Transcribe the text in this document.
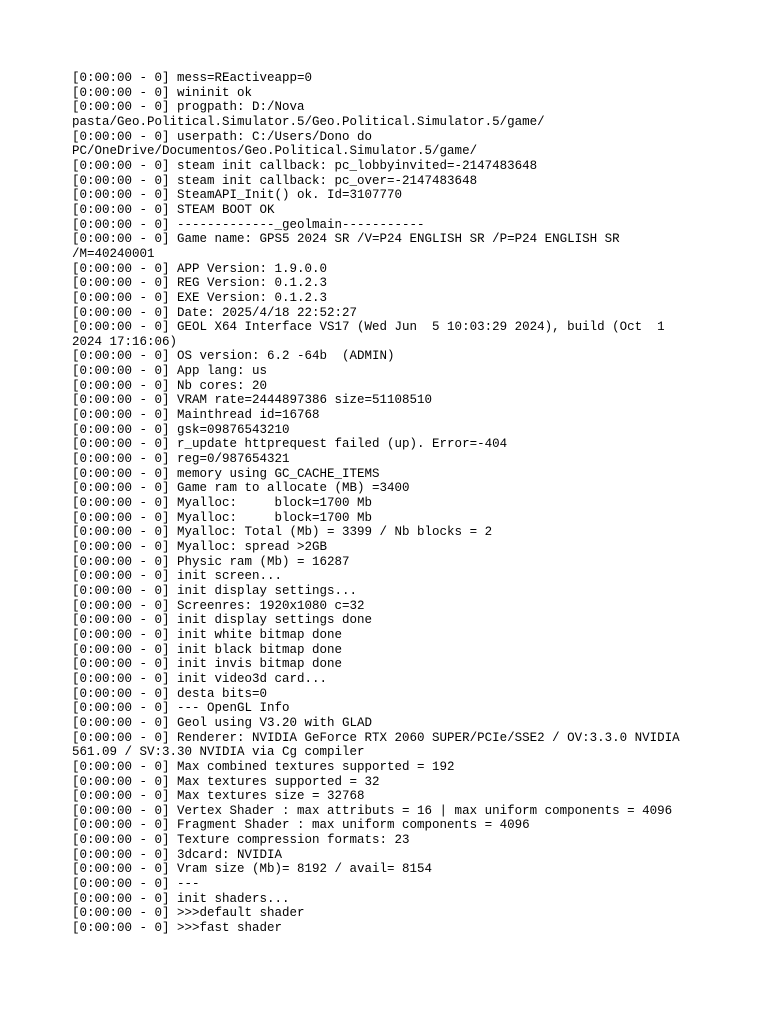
[0:00:00 - 0] mess=REactiveapp=0
[0:00:00 - 0] wininit ok
[0:00:00 - 0] progpath: D:/Nova
pasta/Geo.Political.Simulator.5/Geo.Political.Simulator.5/game/
[0:00:00 - 0] userpath: C:/Users/Dono do
PC/OneDrive/Documentos/Geo.Political.Simulator.5/game/
[0:00:00 - 0] steam init callback: pc_lobbyinvited=-2147483648
[0:00:00 - 0] steam init callback: pc_over=-2147483648
[0:00:00 - 0] SteamAPI_Init() ok. Id=3107770
[0:00:00 - 0] STEAM BOOT OK
[0:00:00 - 0] -------------_geolmain-----------
[0:00:00 - 0] Game name: GPS5 2024 SR /V=P24 ENGLISH SR /P=P24 ENGLISH SR
/M=40240001
[0:00:00 - 0] APP Version: 1.9.0.0
[0:00:00 - 0] REG Version: 0.1.2.3
[0:00:00 - 0] EXE Version: 0.1.2.3
[0:00:00 - 0] Date: 2025/4/18 22:52:27
[0:00:00 - 0] GEOL X64 Interface VS17 (Wed Jun  5 10:03:29 2024), build (Oct  1
2024 17:16:06)
[0:00:00 - 0] OS version: 6.2 -64b  (ADMIN)
[0:00:00 - 0] App lang: us
[0:00:00 - 0] Nb cores: 20
[0:00:00 - 0] VRAM rate=2444897386 size=51108510
[0:00:00 - 0] Mainthread id=16768
[0:00:00 - 0] gsk=09876543210
[0:00:00 - 0] r_update httprequest failed (up). Error=-404
[0:00:00 - 0] reg=0/987654321
[0:00:00 - 0] memory using GC_CACHE_ITEMS
[0:00:00 - 0] Game ram to allocate (MB) =3400
[0:00:00 - 0] Myalloc:     block=1700 Mb
[0:00:00 - 0] Myalloc:     block=1700 Mb
[0:00:00 - 0] Myalloc: Total (Mb) = 3399 / Nb blocks = 2
[0:00:00 - 0] Myalloc: spread >2GB
[0:00:00 - 0] Physic ram (Mb) = 16287
[0:00:00 - 0] init screen...
[0:00:00 - 0] init display settings...
[0:00:00 - 0] Screenres: 1920x1080 c=32
[0:00:00 - 0] init display settings done
[0:00:00 - 0] init white bitmap done
[0:00:00 - 0] init black bitmap done
[0:00:00 - 0] init invis bitmap done
[0:00:00 - 0] init video3d card...
[0:00:00 - 0] desta bits=0
[0:00:00 - 0] --- OpenGL Info
[0:00:00 - 0] Geol using V3.20 with GLAD
[0:00:00 - 0] Renderer: NVIDIA GeForce RTX 2060 SUPER/PCIe/SSE2 / OV:3.3.0 NVIDIA
561.09 / SV:3.30 NVIDIA via Cg compiler
[0:00:00 - 0] Max combined textures supported = 192
[0:00:00 - 0] Max textures supported = 32
[0:00:00 - 0] Max textures size = 32768
[0:00:00 - 0] Vertex Shader : max attributs = 16 | max uniform components = 4096
[0:00:00 - 0] Fragment Shader : max uniform components = 4096
[0:00:00 - 0] Texture compression formats: 23
[0:00:00 - 0] 3dcard: NVIDIA
[0:00:00 - 0] Vram size (Mb)= 8192 / avail= 8154
[0:00:00 - 0] ---
[0:00:00 - 0] init shaders...
[0:00:00 - 0] >>>default shader
[0:00:00 - 0] >>>fast shader
